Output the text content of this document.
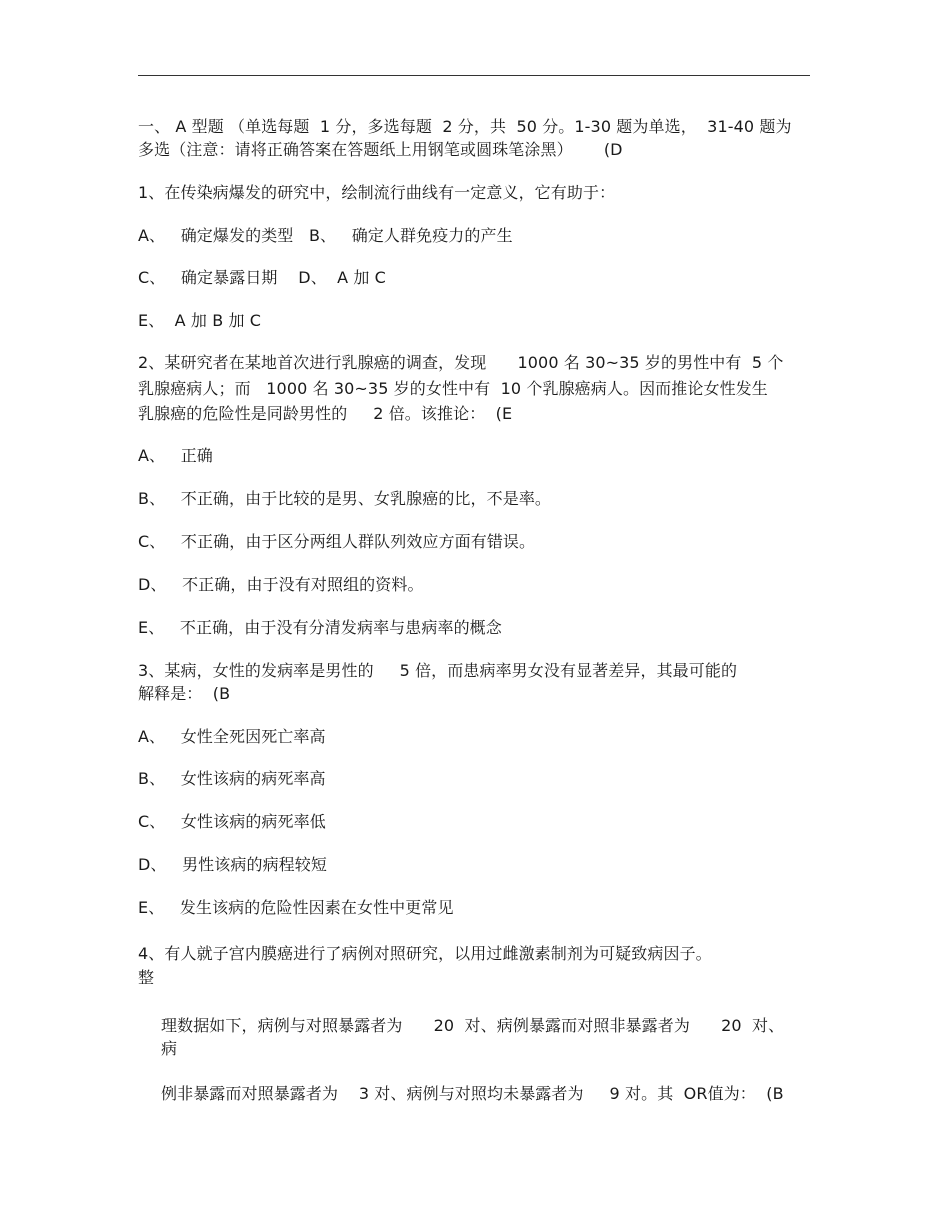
一、 A 型题 （单选每题  1 分，多选每题  2 分，共  50 分。1-30 题为单选，  31-40 题为
多选（注意：请将正确答案在答题纸上用钢笔或圆珠笔涂黑）      (D
1、在传染病爆发的研究中，绘制流行曲线有一定意义，它有助于：
A、   确定爆发的类型   B、   确定人群免疫力的产生
C、   确定暴露日期    D、  A 加 C
E、  A 加 B 加 C
2、某研究者在某地首次进行乳腺癌的调查，发现      1000 名 30~35 岁的男性中有  5 个
乳腺癌病人；而   1000 名 30~35 岁的女性中有  10 个乳腺癌病人。因而推论女性发生
乳腺癌的危险性是同龄男性的     2 倍。该推论：  (E
A、   正确
B、   不正确，由于比较的是男、女乳腺癌的比，不是率。
C、   不正确，由于区分两组人群队列效应方面有错误。
D、   不正确，由于没有对照组的资料。
E、   不正确，由于没有分清发病率与患病率的概念
3、某病，女性的发病率是男性的     5 倍，而患病率男女没有显著差异，其最可能的
解释是：  (B
A、   女性全死因死亡率高
B、   女性该病的病死率高
C、   女性该病的病死率低
D、   男性该病的病程较短
E、   发生该病的危险性因素在女性中更常见
4、有人就子宫内膜癌进行了病例对照研究，以用过雌激素制剂为可疑致病因子。
整
理数据如下，病例与对照暴露者为      20  对、病例暴露而对照非暴露者为      20  对、
病
例非暴露而对照暴露者为    3 对、病例与对照均未暴露者为     9 对。其  OR值为：  (B
